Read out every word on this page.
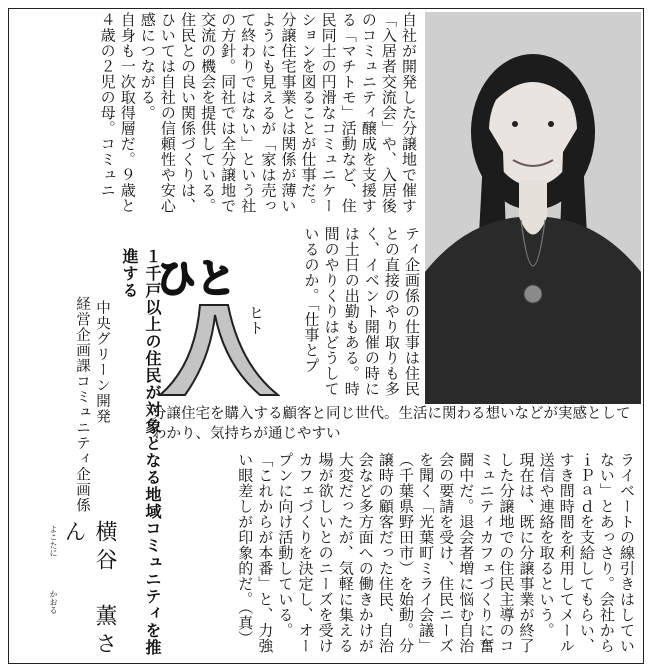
自社が開発した分譲地で催す「入居者交流会」や、入居後のコミュニティ醸成を支援する「マチトモ」活動など、住民同士の円滑なコミュニケーションを図ることが仕事だ。分譲住宅事業とは関係が薄いようにも見えるが「家は売って終わりではない」という社の方針。同社では全分譲地で交流の機会を提供している。住民との良い関係づくりは、ひいては自社の信頼性や安心感につながる。
自身も一次取得層だ。９歳と４歳の２児の母。コミュニ
ティ企画係の仕事は住民との直接のやり取りも多く、イベント開催の時には土日の出勤もある。時間のやりくりはどうしているのか。「仕事とプ
ひと
ヒト
１千戸以上の住民が対象となる地域コミュニティを推進する
中央グリーン開発
経営企画課コミュニティ企画係
横谷　薫さん
よこたに
かおる
分譲住宅を購入する顧客と同じ世代。生活に関わる想いなどが実感としてわかり、気持ちが通じやすい
ライベートの線引きはしていない」とあっさり。会社からｉＰａｄを支給してもらい、すき間時間を利用してメール送信や連絡を取るという。
現在は、既に分譲事業が終了した分譲地での住民主導のコミュニティカフェづくりに奮闘中だ。退会者増に悩む自治会の要請を受け、住民ニーズを聞く「光葉町ミライ会議」（千葉県野田市）を始動。分譲時の顧客だった住民、自治会など多方面への働きかけが大変だったが、気軽に集える場が欲しいとのニーズを受けカフェづくりを決定し、オープンに向け活動している。
「これからが本番」と、力強い眼差しが印象的だ。（真）
